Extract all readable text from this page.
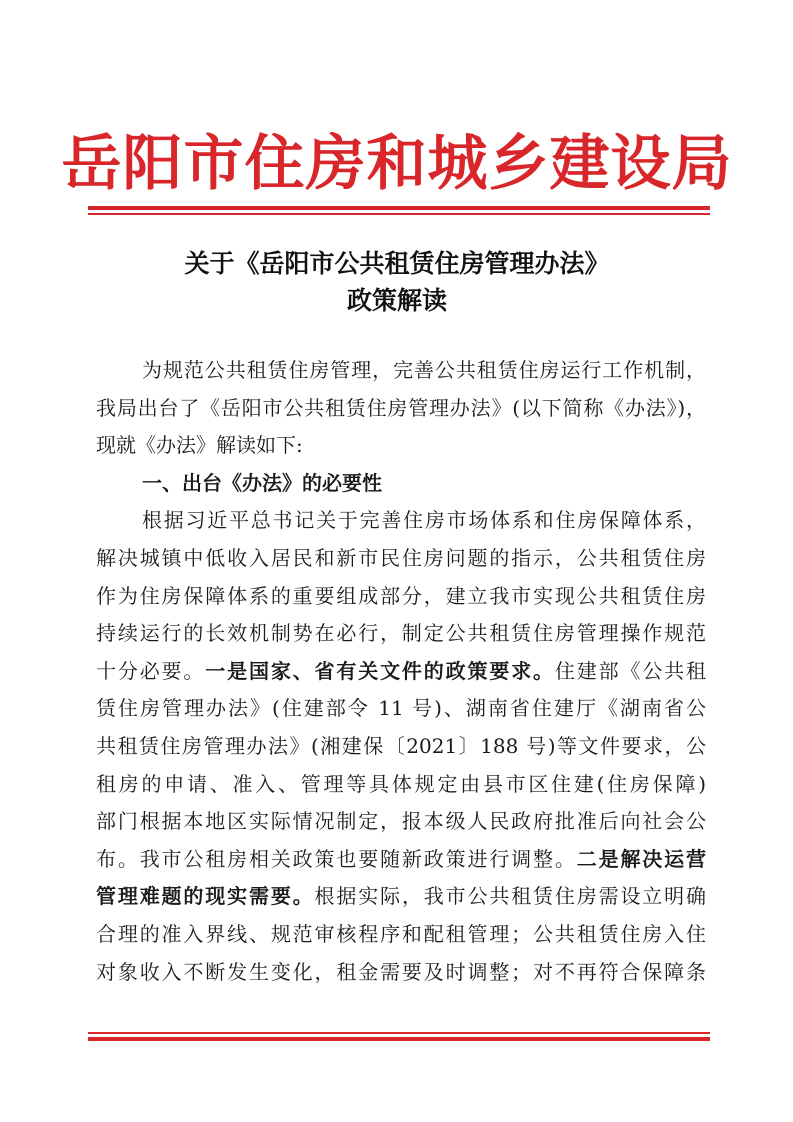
岳阳市住房和城乡建设局
关于《岳阳市公共租赁住房管理办法》
政策解读
为规范公共租赁住房管理，完善公共租赁住房运行工作机制，
我局出台了《岳阳市公共租赁住房管理办法》(以下简称《办法》)，
现就《办法》解读如下:
一、出台《办法》的必要性
根据习近平总书记关于完善住房市场体系和住房保障体系，
解决城镇中低收入居民和新市民住房问题的指示，公共租赁住房
作为住房保障体系的重要组成部分，建立我市实现公共租赁住房
持续运行的长效机制势在必行，制定公共租赁住房管理操作规范
十分必要。一是国家、省有关文件的政策要求。住建部《公共租
赁住房管理办法》(住建部令 11 号)、湖南省住建厅《湖南省公
共租赁住房管理办法》(湘建保〔2021〕188 号)等文件要求，公
租房的申请、准入、管理等具体规定由县市区住建(住房保障)
部门根据本地区实际情况制定，报本级人民政府批准后向社会公
布。我市公租房相关政策也要随新政策进行调整。二是解决运营
管理难题的现实需要。根据实际，我市公共租赁住房需设立明确
合理的准入界线、规范审核程序和配租管理；公共租赁住房入住
对象收入不断发生变化，租金需要及时调整；对不再符合保障条
